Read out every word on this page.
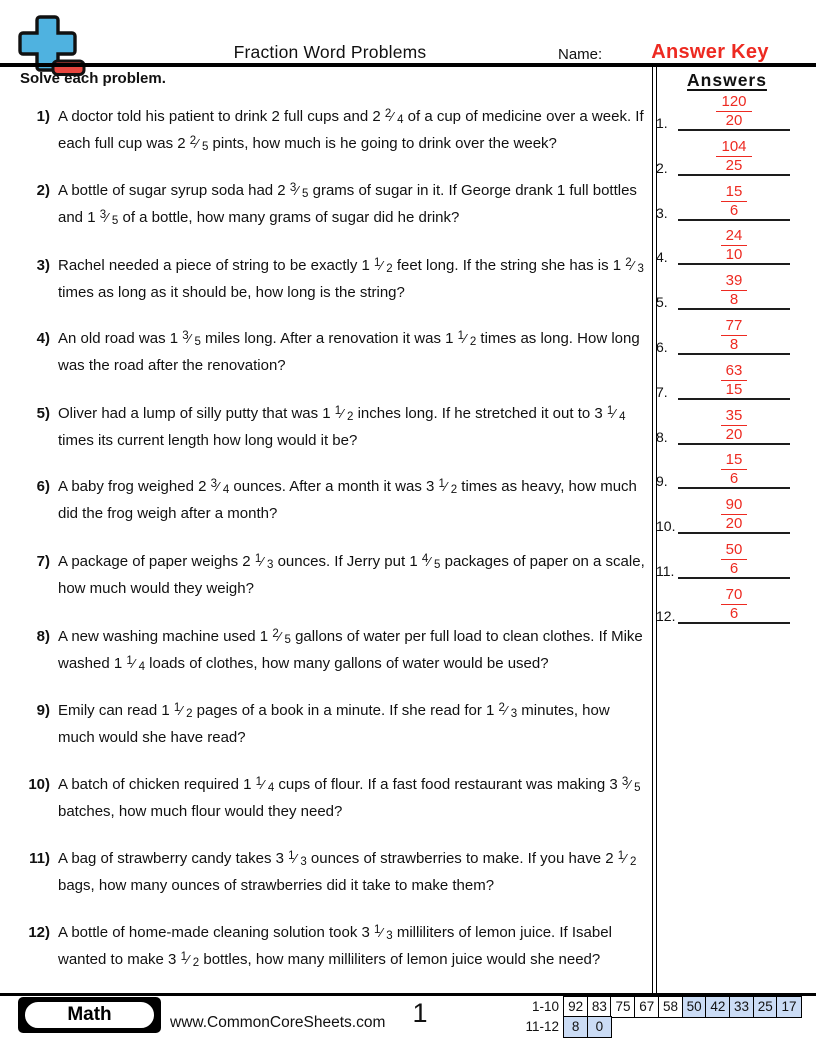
Fraction Word Problems	Name:	Answer Key
Solve each problem.	Answers
1. $\frac{120}{20}$
2. $\frac{104}{25}$
3. $\frac{15}{6}$
4. $\frac{24}{10}$
5. $\frac{39}{8}$
6. $\frac{77}{8}$
7. $\frac{63}{15}$
8. $\frac{35}{20}$
9. $\frac{15}{6}$
10. $\frac{90}{20}$
11. $\frac{50}{6}$
12. $\frac{70}{6}$
1) A doctor told his patient to drink 2 full cups and 2 $^2$⁄ $_4$ of a cup of medicine over a week. If each full cup was 2 $^2$⁄ $_5$ pints, how much is he going to drink over the week?
2) A bottle of sugar syrup soda had 2 $^3$⁄ $_5$ grams of sugar in it. If George drank 1 full bottles and 1 $^3$⁄ $_5$ of a bottle, how many grams of sugar did he drink?
3) Rachel needed a piece of string to be exactly 1 $^1$⁄ $_2$ feet long. If the string she has is 1 $^2$⁄ $_3$ times as long as it should be, how long is the string?
4) An old road was 1 $^3$⁄ $_5$ miles long. After a renovation it was 1 $^1$⁄ $_2$ times as long. How long was the road after the renovation?
5) Oliver had a lump of silly putty that was 1 $^1$⁄ $_2$ inches long. If he stretched it out to 3 $^1$⁄ $_4$ times its current length how long would it be?
6) A baby frog weighed 2 $^3$⁄ $_4$ ounces. After a month it was 3 $^1$⁄ $_2$ times as heavy, how much did the frog weigh after a month?
7) A package of paper weighs 2 $^1$⁄ $_3$ ounces. If Jerry put 1 $^4$⁄ $_5$ packages of paper on a scale, how much would they weigh?
8) A new washing machine used 1 $^2$⁄ $_5$ gallons of water per full load to clean clothes. If Mike washed 1 $^1$⁄ $_4$ loads of clothes, how many gallons of water would be used?
9) Emily can read 1 $^1$⁄ $_2$ pages of a book in a minute. If she read for 1 $^2$⁄ $_3$ minutes, how much would she have read?
10) A batch of chicken required 1 $^1$⁄ $_4$ cups of flour. If a fast food restaurant was making 3 $^3$⁄ $_5$ batches, how much flour would they need?
11) A bag of strawberry candy takes 3 $^1$⁄ $_3$ ounces of strawberries to make. If you have 2 $^1$⁄ $_2$ bags, how many ounces of strawberries did it take to make them?
12) A bottle of home-made cleaning solution took 3 $^1$⁄ $_3$ milliliters of lemon juice. If Isabel wanted to make 3 $^1$⁄ $_2$ bottles, how many milliliters of lemon juice would she need?
Math	www.CommonCoreSheets.com 1	1-10 92 83 75 67 58 50 42 33 25 17
11-12 8	0
